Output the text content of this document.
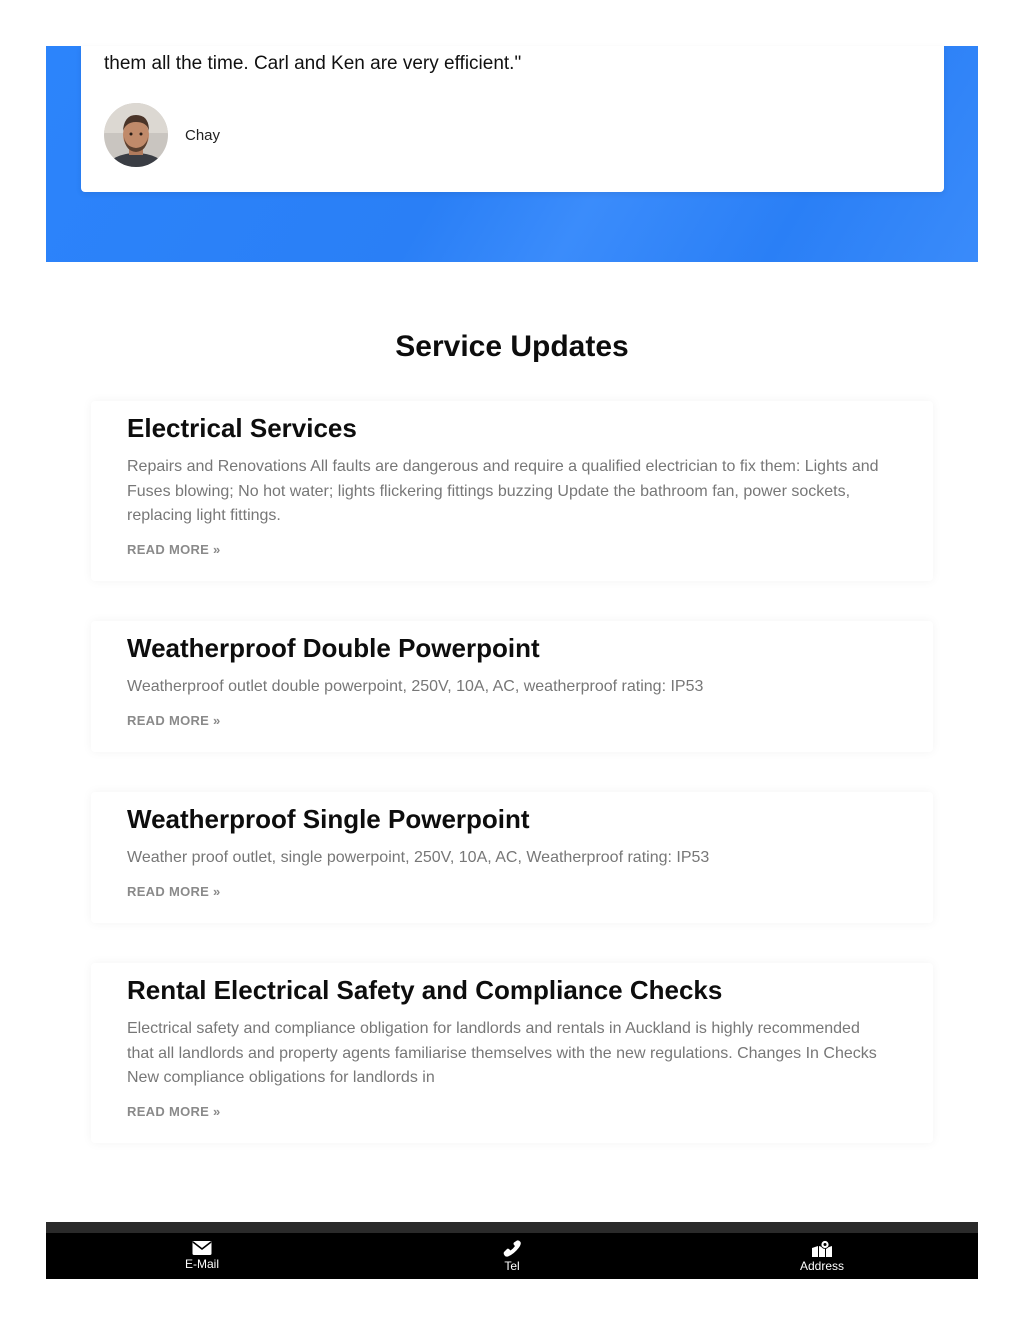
them all the time. Carl and Ken are very efficient."

Chay
Service Updates
Electrical Services

Repairs and Renovations All faults are dangerous and require a qualified electrician to fix them: Lights and Fuses blowing; No hot water; lights flickering fittings buzzing Update the bathroom fan, power sockets, replacing light fittings.

READ MORE »
Weatherproof Double Powerpoint

Weatherproof outlet double powerpoint, 250V, 10A, AC, weatherproof rating: IP53

READ MORE »
Weatherproof Single Powerpoint

Weather proof outlet, single powerpoint, 250V, 10A, AC, Weatherproof rating: IP53

READ MORE »
Rental Electrical Safety and Compliance Checks

Electrical safety and compliance obligation for landlords and rentals in Auckland is highly recommended that all landlords and property agents familiarise themselves with the new regulations. Changes In Checks New compliance obligations for landlords in

READ MORE »
E-Mail	Tel	Address
